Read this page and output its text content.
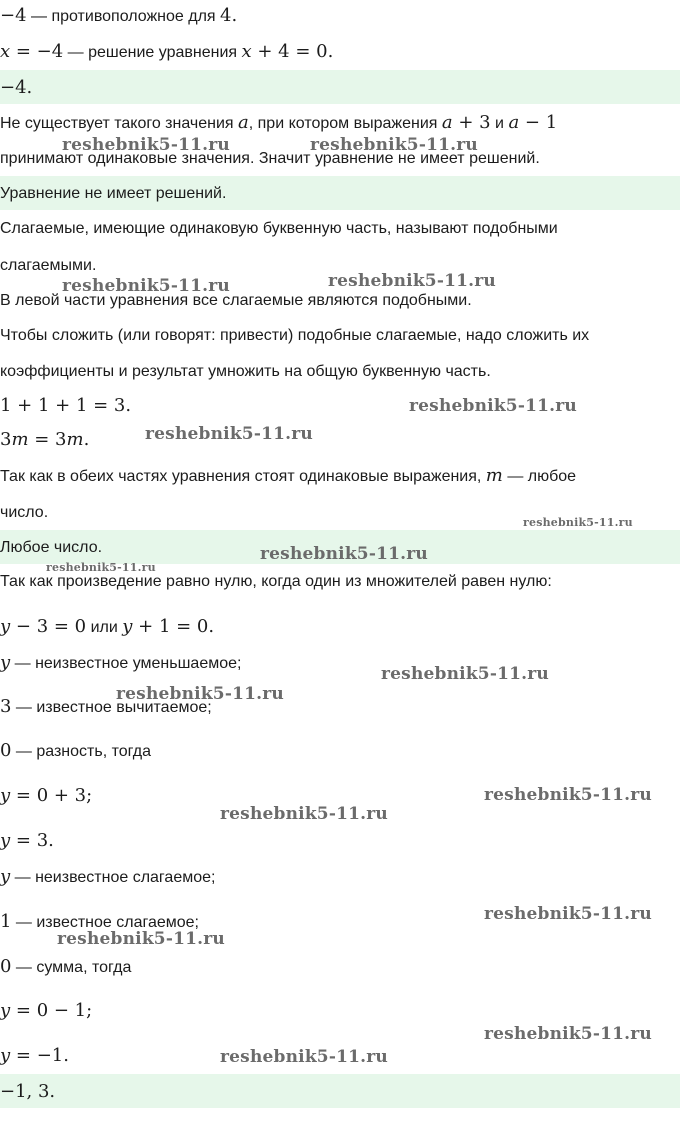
−4 — противоположное для 4.
x = −4 — решение уравнения x + 4 = 0.
−4.
Не существует такого значения a, при котором выражения a + 3 и a − 1
принимают одинаковые значения. Значит уравнение не имеет решений.
Уравнение не имеет решений.
Слагаемые, имеющие одинаковую буквенную часть, называют подобными
слагаемыми.
В левой части уравнения все слагаемые являются подобными.
Чтобы сложить (или говорят: привести) подобные слагаемые, надо сложить их
коэффициенты и результат умножить на общую буквенную часть.
1 + 1 + 1 = 3.
3m = 3m.
Так как в обеих частях уравнения стоят одинаковые выражения, m — любое
число.
Любое число.
Так как произведение равно нулю, когда один из множителей равен нулю:
y − 3 = 0 или y + 1 = 0.
y — неизвестное уменьшаемое;
3 — известное вычитаемое;
0 — разность, тогда
y = 0 + 3;
y = 3.
y — неизвестное слагаемое;
1 — известное слагаемое;
0 — сумма, тогда
y = 0 − 1;
y = −1.
−1, 3.
reshebnik5-11.ru	reshebnik5-11.ru
reshebnik5-11.ru	reshebnik5-11.ru
reshebnik5-11.ru
reshebnik5-11.ru
reshebnik5-11.ru
reshebnik5-11.ru
reshebnik5-11.ru
reshebnik5-11.ru
reshebnik5-11.ru
reshebnik5-11.ru
reshebnik5-11.ru
reshebnik5-11.ru
reshebnik5-11.ru
reshebnik5-11.ru
reshebnik5-11.ru
